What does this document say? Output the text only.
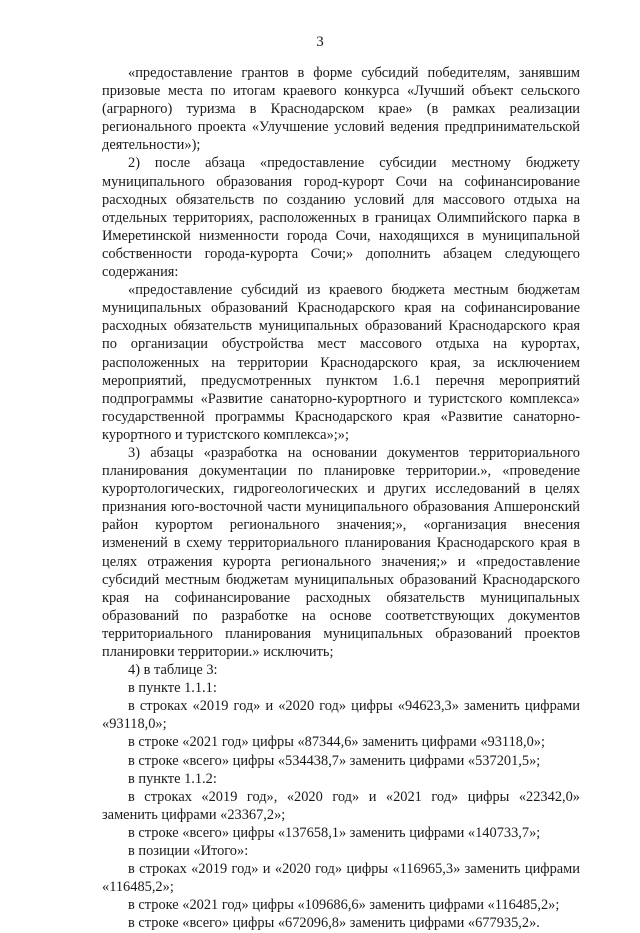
3

«предоставление грантов в форме субсидий победителям, занявшим призовые места по итогам краевого конкурса «Лучший объект сельского (аграрного) туризма в Краснодарском крае» (в рамках реализации регионального проекта «Улучшение условий ведения предпринимательской деятельности»);

2) после абзаца «предоставление субсидии местному бюджету муниципального образования город-курорт Сочи на софинансирование расходных обязательств по созданию условий для массового отдыха на отдельных территориях, расположенных в границах Олимпийского парка в Имеретинской низменности города Сочи, находящихся в муниципальной собственности города-курорта Сочи;» дополнить абзацем следующего содержания:

«предоставление субсидий из краевого бюджета местным бюджетам муниципальных образований Краснодарского края на софинансирование расходных обязательств муниципальных образований Краснодарского края по организации обустройства мест массового отдыха на курортах, расположенных на территории Краснодарского края, за исключением мероприятий, предусмотренных пунктом 1.6.1 перечня мероприятий подпрограммы «Развитие санаторно-курортного и туристского комплекса» государственной программы Краснодарского края «Развитие санаторно-курортного и туристского комплекса»;»;

3) абзацы «разработка на основании документов территориального планирования документации по планировке территории.», «проведение курортологических, гидрогеологических и других исследований в целях признания юго-восточной части муниципального образования Апшеронский район курортом регионального значения;», «организация внесения изменений в схему территориального планирования Краснодарского края в целях отражения курорта регионального значения;» и «предоставление субсидий местным бюджетам муниципальных образований Краснодарского края на софинансирование расходных обязательств муниципальных образований по разработке на основе соответствующих документов территориального планирования муниципальных образований проектов планировки территории.» исключить;

4) в таблице 3:

в пункте 1.1.1:

в строках «2019 год» и «2020 год» цифры «94623,3» заменить цифрами «93118,0»;

в строке «2021 год» цифры «87344,6» заменить цифрами «93118,0»;

в строке «всего» цифры «534438,7» заменить цифрами «537201,5»;

в пункте 1.1.2:

в строках «2019 год», «2020 год» и «2021 год» цифры «22342,0» заменить цифрами «23367,2»;

в строке «всего» цифры «137658,1» заменить цифрами «140733,7»;

в позиции «Итого»:

в строках «2019 год» и «2020 год» цифры «116965,3» заменить цифрами «116485,2»;

в строке «2021 год» цифры «109686,6» заменить цифрами «116485,2»;

в строке «всего» цифры «672096,8» заменить цифрами «677935,2».
